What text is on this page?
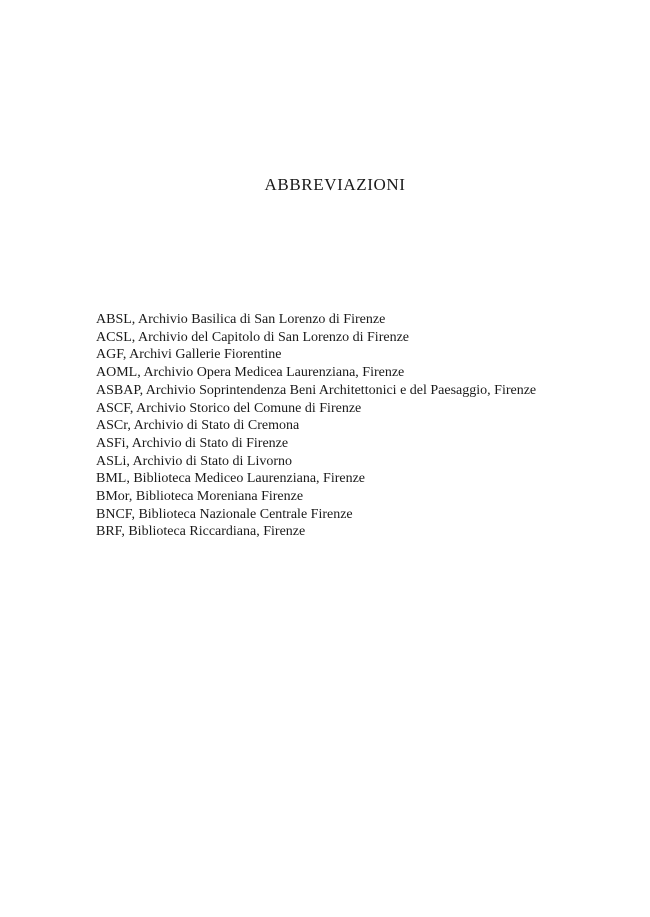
ABBREVIAZIONI
ABSL, Archivio Basilica di San Lorenzo di Firenze
ACSL, Archivio del Capitolo di San Lorenzo di Firenze
AGF, Archivi Gallerie Fiorentine
AOML, Archivio Opera Medicea Laurenziana, Firenze
ASBAP, Archivio Soprintendenza Beni Architettonici e del Paesaggio, Firenze
ASCF, Archivio Storico del Comune di Firenze
ASCr, Archivio di Stato di Cremona
ASFi, Archivio di Stato di Firenze
ASLi, Archivio di Stato di Livorno
BML, Biblioteca Mediceo Laurenziana, Firenze
BMor, Biblioteca Moreniana Firenze
BNCF, Biblioteca Nazionale Centrale Firenze
BRF, Biblioteca Riccardiana, Firenze
